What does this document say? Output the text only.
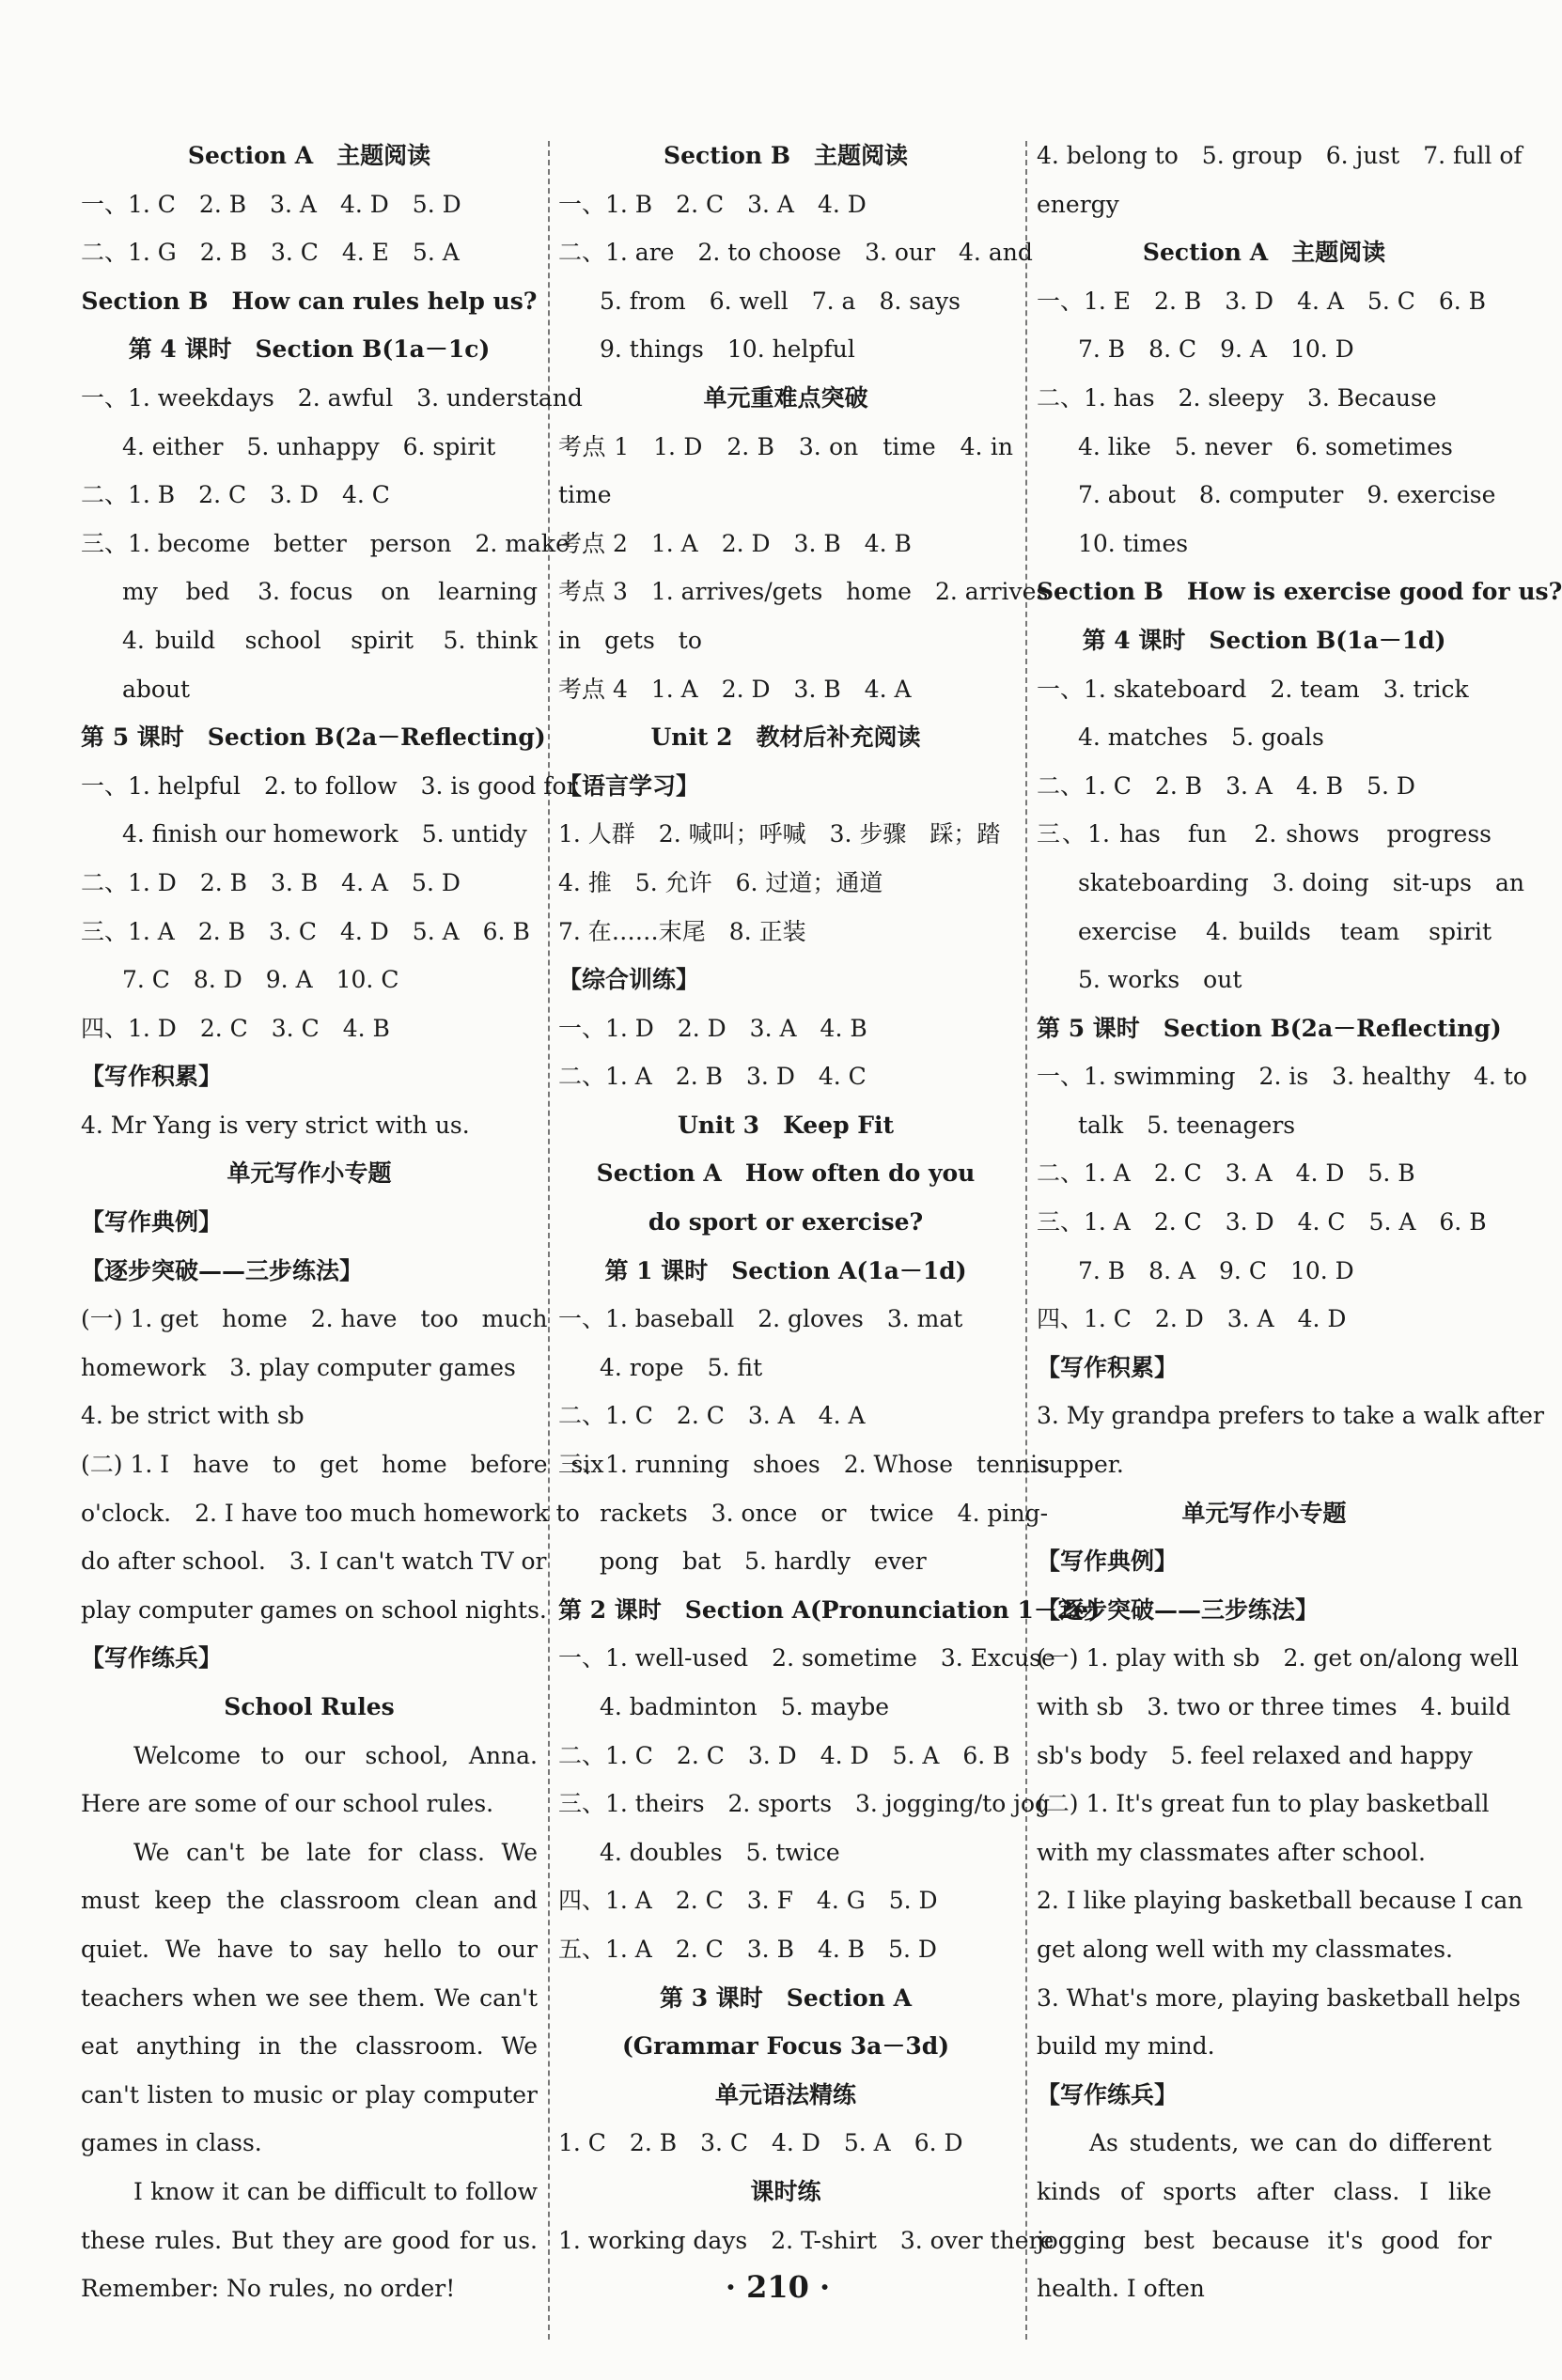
Section A　主题阅读
一、1. C　2. B　3. A　4. D　5. D
二、1. G　2. B　3. C　4. E　5. A
Section B　How can rules help us?
第 4 课时　Section B(1a－1c)
一、1. weekdays　2. awful　3. understand
4. either　5. unhappy　6. spirit
二、1. B　2. C　3. D　4. C
三、1. become　better　person　2. make
my　bed　3. focus　on　learning
4. build　school　spirit　5. think
about
第 5 课时　Section B(2a－Reflecting)
一、1. helpful　2. to follow　3. is good for
4. finish our homework　5. untidy
二、1. D　2. B　3. B　4. A　5. D
三、1. A　2. B　3. C　4. D　5. A　6. B
7. C　8. D　9. A　10. C
四、1. D　2. C　3. C　4. B
【写作积累】
4. Mr Yang is very strict with us.
单元写作小专题
【写作典例】
【逐步突破——三步练法】
(一) 1. get　home　2. have　too　much
homework　3. play computer games
4. be strict with sb
(二) 1. I　have　to　get　home　before　six
o'clock.　2. I have too much homework to
do after school.　3. I can't watch TV or
play computer games on school nights.
【写作练兵】
School Rules
Welcome to our school, Anna. Here are some of our school rules.
We can't be late for class. We must keep the classroom clean and quiet. We have to say hello to our teachers when we see them. We can't eat anything in the classroom. We can't listen to music or play computer games in class.
I know it can be difficult to follow these rules. But they are good for us. Remember: No rules, no order!
Section B　主题阅读
一、1. B　2. C　3. A　4. D
二、1. are　2. to choose　3. our　4. and
5. from　6. well　7. a　8. says
9. things　10. helpful
单元重难点突破
考点 1　1. D　2. B　3. on　time　4. in
time
考点 2　1. A　2. D　3. B　4. B
考点 3　1. arrives/gets　home　2. arrives
in　gets　to
考点 4　1. A　2. D　3. B　4. A
Unit 2　教材后补充阅读
【语言学习】
1. 人群　2. 喊叫；呼喊　3. 步骤　踩；踏
4. 推　5. 允许　6. 过道；通道
7. 在……末尾　8. 正装
【综合训练】
一、1. D　2. D　3. A　4. B
二、1. A　2. B　3. D　4. C
Unit 3　Keep Fit
Section A　How often do you
do sport or exercise?
第 1 课时　Section A(1a－1d)
一、1. baseball　2. gloves　3. mat
4. rope　5. fit
二、1. C　2. C　3. A　4. A
三、1. running　shoes　2. Whose　tennis
rackets　3. once　or　twice　4. ping-
pong　bat　5. hardly　ever
第 2 课时　Section A(Pronunciation 1－2e)
一、1. well-used　2. sometime　3. Excuse
4. badminton　5. maybe
二、1. C　2. C　3. D　4. D　5. A　6. B
三、1. theirs　2. sports　3. jogging/to jog
4. doubles　5. twice
四、1. A　2. C　3. F　4. G　5. D
五、1. A　2. C　3. B　4. B　5. D
第 3 课时　Section A
(Grammar Focus 3a－3d)
单元语法精练
1. C　2. B　3. C　4. D　5. A　6. D
课时练
1. working days　2. T-shirt　3. over there
4. belong to　5. group　6. just　7. full of
energy
Section A　主题阅读
一、1. E　2. B　3. D　4. A　5. C　6. B
7. B　8. C　9. A　10. D
二、1. has　2. sleepy　3. Because
4. like　5. never　6. sometimes
7. about　8. computer　9. exercise
10. times
Section B　How is exercise good for us?
第 4 课时　Section B(1a－1d)
一、1. skateboard　2. team　3. trick
4. matches　5. goals
二、1. C　2. B　3. A　4. B　5. D
三、1. has　fun　2. shows　progress
skateboarding　3. doing　sit-ups　an
exercise　4. builds　team　spirit
5. works　out
第 5 课时　Section B(2a－Reflecting)
一、1. swimming　2. is　3. healthy　4. to
talk　5. teenagers
二、1. A　2. C　3. A　4. D　5. B
三、1. A　2. C　3. D　4. C　5. A　6. B
7. B　8. A　9. C　10. D
四、1. C　2. D　3. A　4. D
【写作积累】
3. My grandpa prefers to take a walk after
supper.
单元写作小专题
【写作典例】
【逐步突破——三步练法】
(一) 1. play with sb　2. get on/along well
with sb　3. two or three times　4. build
sb's body　5. feel relaxed and happy
(二) 1. It's great fun to play basketball
with my classmates after school.
2. I like playing basketball because I can
get along well with my classmates.
3. What's more, playing basketball helps
build my mind.
【写作练兵】
As students, we can do different kinds of sports after class. I like jogging best because it's good for health. I often
· 210 ·
